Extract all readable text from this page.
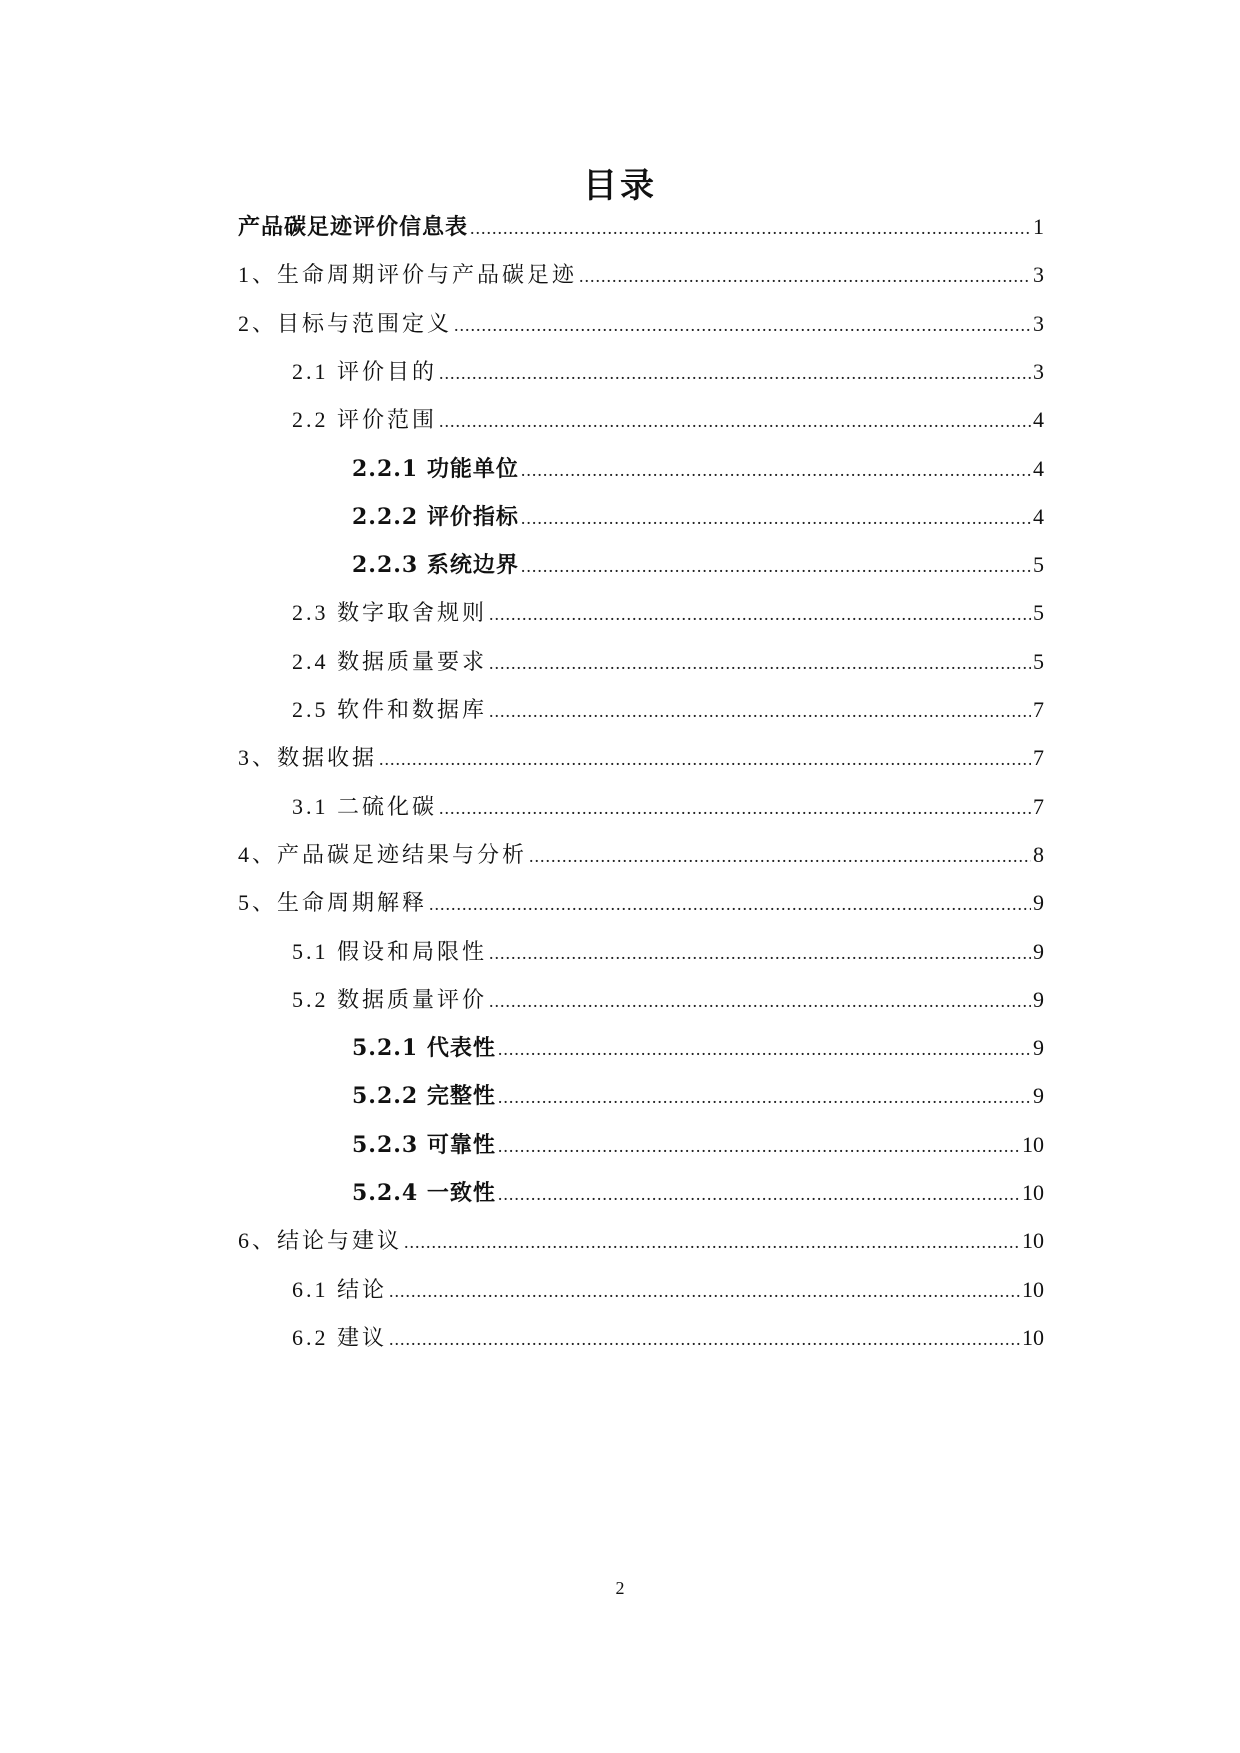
目录
产品碳足迹评价信息表 .....	1
1、生命周期评价与产品碳足迹 .....	3
2、目标与范围定义 .....	3
2.1 评价目的 .....	3
2.2 评价范围 .....	4
2.2.1 功能单位 .....	4
2.2.2 评价指标 .....	4
2.2.3 系统边界 .....	5
2.3 数字取舍规则 .....	5
2.4 数据质量要求 .....	5
2.5 软件和数据库 .....	7
3、数据收据 .....	7
3.1 二硫化碳 .....	7
4、产品碳足迹结果与分析 .....	8
5、生命周期解释 .....	9
5.1 假设和局限性 .....	9
5.2 数据质量评价 .....	9
5.2.1 代表性 .....	9
5.2.2 完整性 .....	9
5.2.3 可靠性 .....	10
5.2.4 一致性 .....	10
6、结论与建议 .....	10
6.1 结论 .....	10
6.2 建议 .....	10
2
